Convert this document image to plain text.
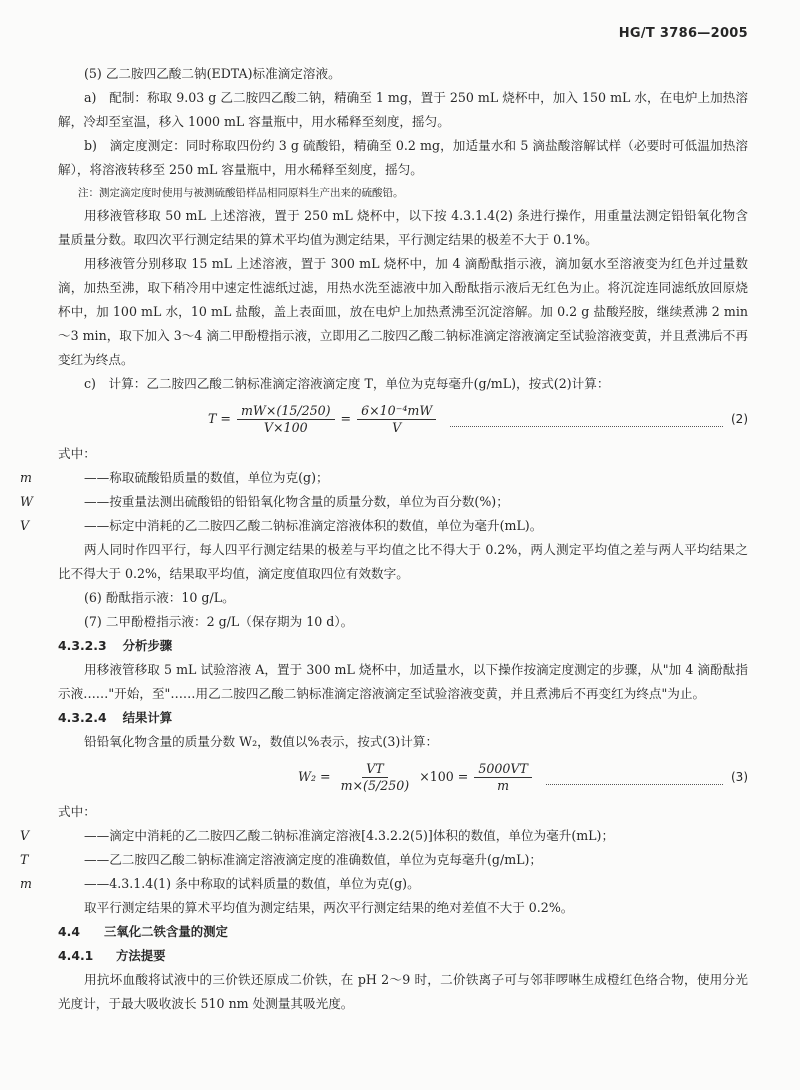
HG/T 3786—2005

(5) 乙二胺四乙酸二钠(EDTA)标准滴定溶液。

a)　配制：称取 9.03 g 乙二胺四乙酸二钠，精确至 1 mg，置于 250 mL 烧杯中，加入 150 mL 水，在电炉上加热溶解，冷却至室温，移入 1000 mL 容量瓶中，用水稀释至刻度，摇匀。

b)　滴定度测定：同时称取四份约 3 g 硫酸铅，精确至 0.2 mg，加适量水和 5 滴盐酸溶解试样（必要时可低温加热溶解），将溶液转移至 250 mL 容量瓶中，用水稀释至刻度，摇匀。

注：测定滴定度时使用与被测硫酸铅样品相同原料生产出来的硫酸铅。

用移液管移取 50 mL 上述溶液，置于 250 mL 烧杯中，以下按 4.3.1.4(2) 条进行操作，用重量法测定铅铅氧化物含量质量分数。取四次平行测定结果的算术平均值为测定结果，平行测定结果的极差不大于 0.1%。

用移液管分别移取 15 mL 上述溶液，置于 300 mL 烧杯中，加 4 滴酚酞指示液，滴加氨水至溶液变为红色并过量数滴，加热至沸，取下稍冷用中速定性滤纸过滤，用热水洗至滤液中加入酚酞指示液后无红色为止。将沉淀连同滤纸放回原烧杯中，加 100 mL 水，10 mL 盐酸，盖上表面皿，放在电炉上加热煮沸至沉淀溶解。加 0.2 g 盐酸羟胺，继续煮沸 2 min～3 min，取下加入 3～4 滴二甲酚橙指示液，立即用乙二胺四乙酸二钠标准滴定溶液滴定至试验溶液变黄，并且煮沸后不再变红为终点。

c)　计算：乙二胺四乙酸二钠标准滴定溶液滴定度 T，单位为克每毫升(g/mL)，按式(2)计算：

$T = \frac{mW\times(15/250)}{V\times 100} = \frac{\text{6×10⁻⁴mW}}{V}$	(2)

式中：

m	——称取硫酸铅质量的数值，单位为克(g)；

W	——按重量法测出硫酸铅的铅铅氧化物含量的质量分数，单位为百分数(%)；

V	——标定中消耗的乙二胺四乙酸二钠标准滴定溶液体积的数值，单位为毫升(mL)。

两人同时作四平行，每人四平行测定结果的极差与平均值之比不得大于 0.2%，两人测定平均值之差与两人平均结果之比不得大于 0.2%，结果取平均值，滴定度值取四位有效数字。

(6) 酚酞指示液：10 g/L。

(7) 二甲酚橙指示液：2 g/L（保存期为 10 d）。

4.3.2.3 分析步骤

用移液管移取 5 mL 试验溶液 A，置于 300 mL 烧杯中，加适量水，以下操作按滴定度测定的步骤，从"加 4 滴酚酞指示液……"开始，至"……用乙二胺四乙酸二钠标准滴定溶液滴定至试验溶液变黄，并且煮沸后不再变红为终点"为止。

4.3.2.4 结果计算

铅铅氧化物含量的质量分数 W₂，数值以%表示，按式(3)计算：

$W_2 = \frac{VT}{m\times(5/250)} \times 100 = \frac{5000VT}{m}$	(3)

式中：

V	——滴定中消耗的乙二胺四乙酸二钠标准滴定溶液[4.3.2.2(5)]体积的数值，单位为毫升(mL)；

T	——乙二胺四乙酸二钠标准滴定溶液滴定度的准确数值，单位为克每毫升(g/mL)；

m	——4.3.1.4(1) 条中称取的试料质量的数值，单位为克(g)。

取平行测定结果的算术平均值为测定结果，两次平行测定结果的绝对差值不大于 0.2%。

4.4	三氧化二铁含量的测定
4.4.1	方法提要

用抗坏血酸将试液中的三价铁还原成二价铁，在 pH 2～9 时，二价铁离子可与邻菲啰啉生成橙红色络合物，使用分光光度计，于最大吸收波长 510 nm 处测量其吸光度。
